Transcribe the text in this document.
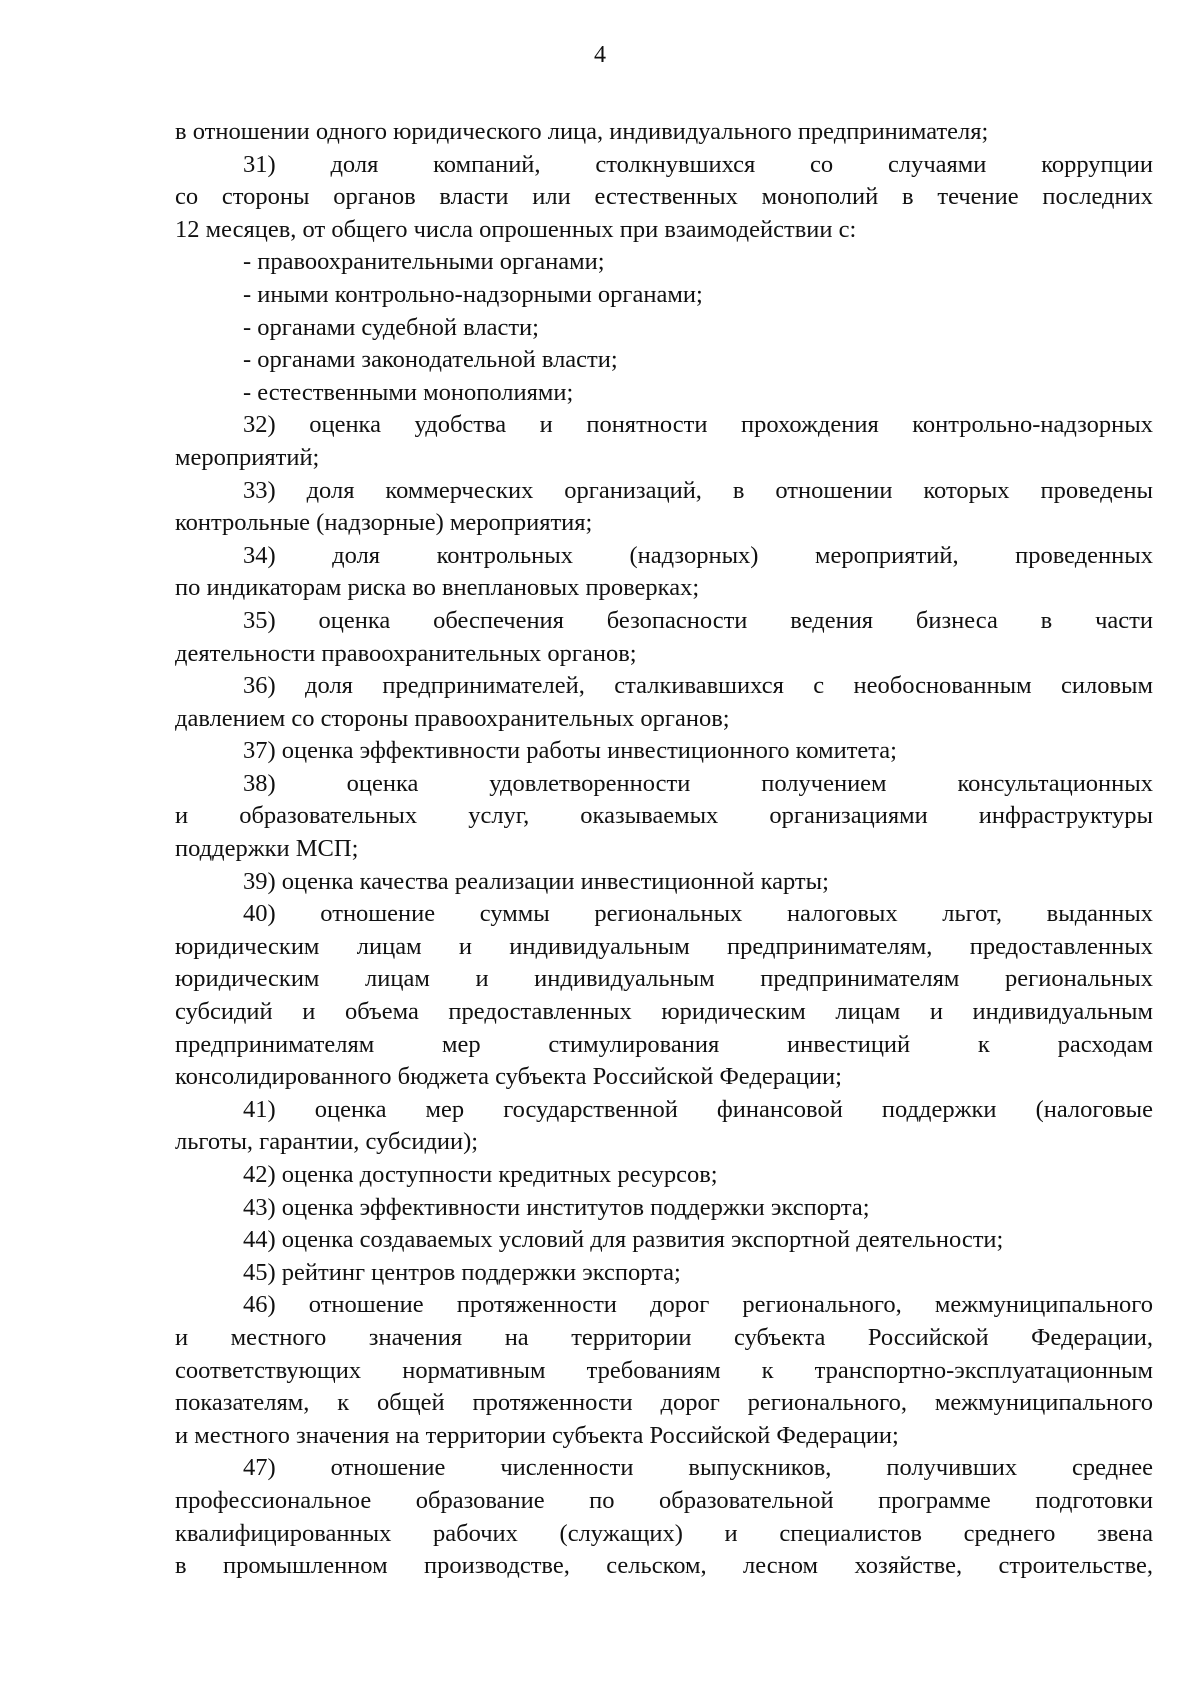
4

в отношении одного юридического лица, индивидуального предпринимателя;

31) доля компаний, столкнувшихся со случаями коррупции

со стороны органов власти или естественных монополий в течение последних

12 месяцев, от общего числа опрошенных при взаимодействии с:

- правоохранительными органами;

- иными контрольно-надзорными органами;

- органами судебной власти;

- органами законодательной власти;

- естественными монополиями;

32) оценка удобства и понятности прохождения контрольно-надзорных

мероприятий;

33) доля коммерческих организаций, в отношении которых проведены

контрольные (надзорные) мероприятия;

34) доля контрольных (надзорных) мероприятий, проведенных

по индикаторам риска во внеплановых проверках;

35) оценка обеспечения безопасности ведения бизнеса в части

деятельности правоохранительных органов;

36) доля предпринимателей, сталкивавшихся с необоснованным силовым

давлением со стороны правоохранительных органов;

37) оценка эффективности работы инвестиционного комитета;

38) оценка удовлетворенности получением консультационных

и образовательных услуг, оказываемых организациями инфраструктуры

поддержки МСП;

39) оценка качества реализации инвестиционной карты;

40) отношение суммы региональных налоговых льгот, выданных

юридическим лицам и индивидуальным предпринимателям, предоставленных

юридическим лицам и индивидуальным предпринимателям региональных

субсидий и объема предоставленных юридическим лицам и индивидуальным

предпринимателям мер стимулирования инвестиций к расходам

консолидированного бюджета субъекта Российской Федерации;

41) оценка мер государственной финансовой поддержки (налоговые

льготы, гарантии, субсидии);

42) оценка доступности кредитных ресурсов;

43) оценка эффективности институтов поддержки экспорта;

44) оценка создаваемых условий для развития экспортной деятельности;

45) рейтинг центров поддержки экспорта;

46) отношение протяженности дорог регионального, межмуниципального

и местного значения на территории субъекта Российской Федерации,

соответствующих нормативным требованиям к транспортно-эксплуатационным

показателям, к общей протяженности дорог регионального, межмуниципального

и местного значения на территории субъекта Российской Федерации;

47) отношение численности выпускников, получивших среднее

профессиональное образование по образовательной программе подготовки

квалифицированных рабочих (служащих) и специалистов среднего звена

в промышленном производстве, сельском, лесном хозяйстве, строительстве,
